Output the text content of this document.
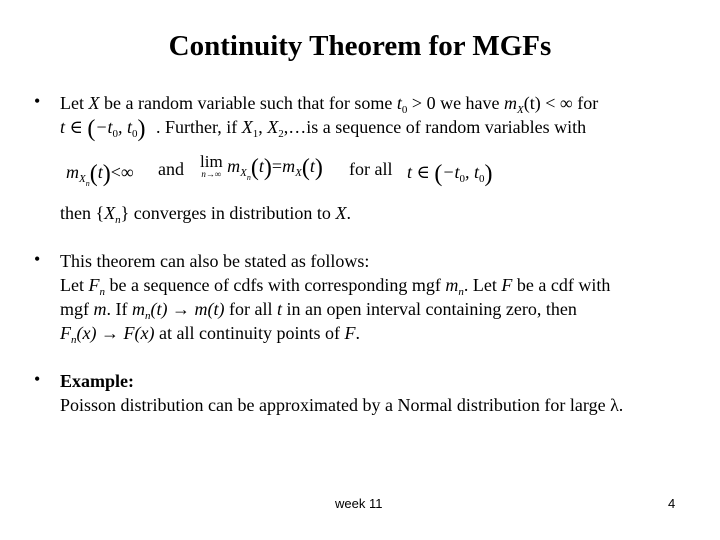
Continuity Theorem for MGFs
• Let X be a random variable such that for some $t_0 > 0$ we have $m_X(t)$ < ∞ for
t ∈ ($-t_0$, $t_0$) . Further, if $X_1$, $X_2,\dots is$ a sequence of random variables with
$m_{X_n}(t)<\infty$ and lim
n→∞ $m_{X_n}(t)=m_X(t)$ for all t ∈ ($-t_0$, $t_0$)
then $\{X_n\}$ converges in distribution to X.
• This theorem can also be stated as follows:
Let $F_n$ be a sequence of cdfs with corresponding mgf $m_n$. Let F be a cdf with
mgf m. If $m_n(t) \to m(t)$ for all t in an open interval containing zero, then
$F_n(x) \to F(x)$ at all continuity points of F.
• Example:
Poisson distribution can be approximated by a Normal distribution for large λ.
week 11	4
